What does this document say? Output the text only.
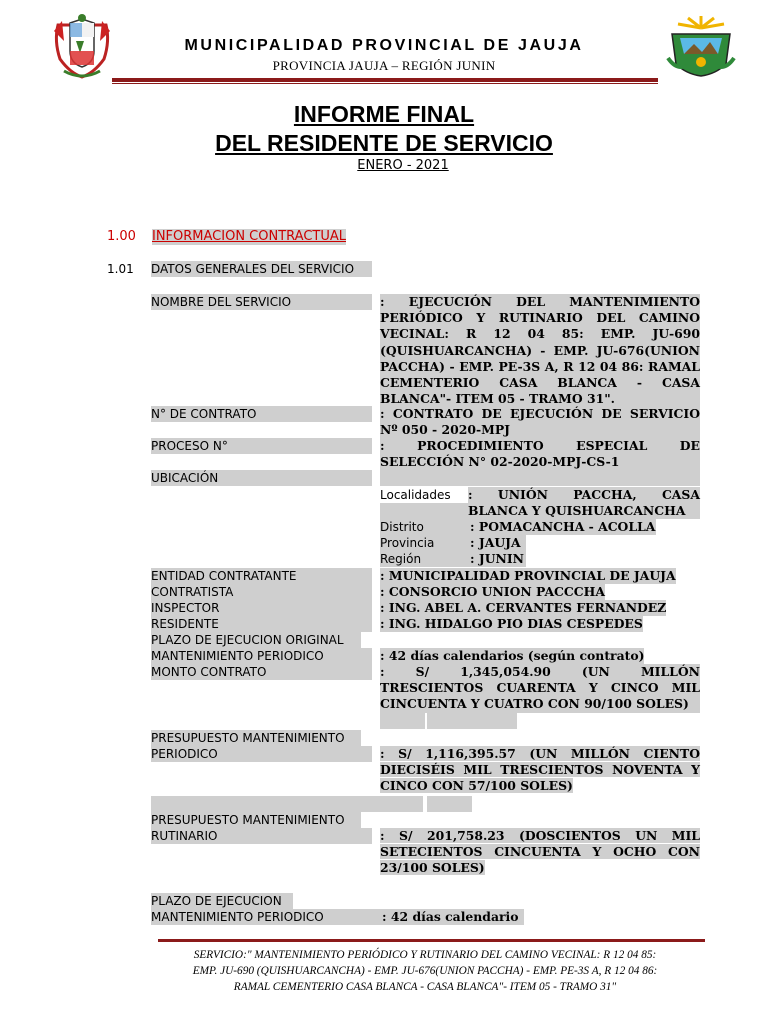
MUNICIPALIDAD PROVINCIAL DE JAUJA
PROVINCIA JAUJA – REGIÓN JUNIN
INFORME FINAL
DEL RESIDENTE DE SERVICIO
ENERO - 2021
1.00 INFORMACION CONTRACTUAL
1.01 DATOS GENERALES DEL SERVICIO
NOMBRE DEL SERVICIO	: EJECUCIÓN DEL MANTENIMIENTO PERIÓDICO Y RUTINARIO DEL CAMINO VECINAL: R 12 04 85: EMP. JU-690 (QUISHUARCANCHA) - EMP. JU-676(UNION PACCHA) - EMP. PE-3S A, R 12 04 86: RAMAL CEMENTERIO CASA BLANCA - CASA BLANCA"- ITEM 05 - TRAMO 31".
N° DE CONTRATO	: CONTRATO DE EJECUCIÓN DE SERVICIO Nº 050 - 2020-MPJ
PROCESO N°	: PROCEDIMIENTO ESPECIAL DE SELECCIÓN N° 02-2020-MPJ-CS-1
UBICACIÓN
Localidades : UNIÓN PACCHA, CASA BLANCA Y QUISHUARCANCHA
Distrito	: POMACANCHA - ACOLLA
Provincia	: JAUJA
Región	: JUNIN
ENTIDAD CONTRATANTE	: MUNICIPALIDAD PROVINCIAL DE JAUJA
CONTRATISTA	: CONSORCIO UNION PACCCHA
INSPECTOR	: ING. ABEL A. CERVANTES FERNANDEZ
RESIDENTE	: ING. HIDALGO PIO DIAS CESPEDES
PLAZO DE EJECUCION ORIGINAL
MANTENIMIENTO PERIODICO	: 42 días calendarios (según contrato)
MONTO CONTRATO	: S/ 1,345,054.90 (UN MILLÓN TRESCIENTOS CUARENTA Y CINCO MIL CINCUENTA Y CUATRO CON 90/100 SOLES)
PRESUPUESTO MANTENIMIENTO
PERIODICO	: S/ 1,116,395.57 (UN MILLÓN CIENTO DIECISÉIS MIL TRESCIENTOS NOVENTA Y CINCO CON 57/100 SOLES)
PRESUPUESTO MANTENIMIENTO
RUTINARIO	: S/ 201,758.23 (DOSCIENTOS UN MIL SETECIENTOS CINCUENTA Y OCHO CON 23/100 SOLES)
PLAZO DE EJECUCION
MANTENIMIENTO PERIODICO	: 42 días calendario
SERVICIO:" MANTENIMIENTO PERIÓDICO Y RUTINARIO DEL CAMINO VECINAL: R 12 04 85:
EMP. JU-690 (QUISHUARCANCHA) - EMP. JU-676(UNION PACCHA) - EMP. PE-3S A, R 12 04 86:
RAMAL CEMENTERIO CASA BLANCA - CASA BLANCA"- ITEM 05 - TRAMO 31"
